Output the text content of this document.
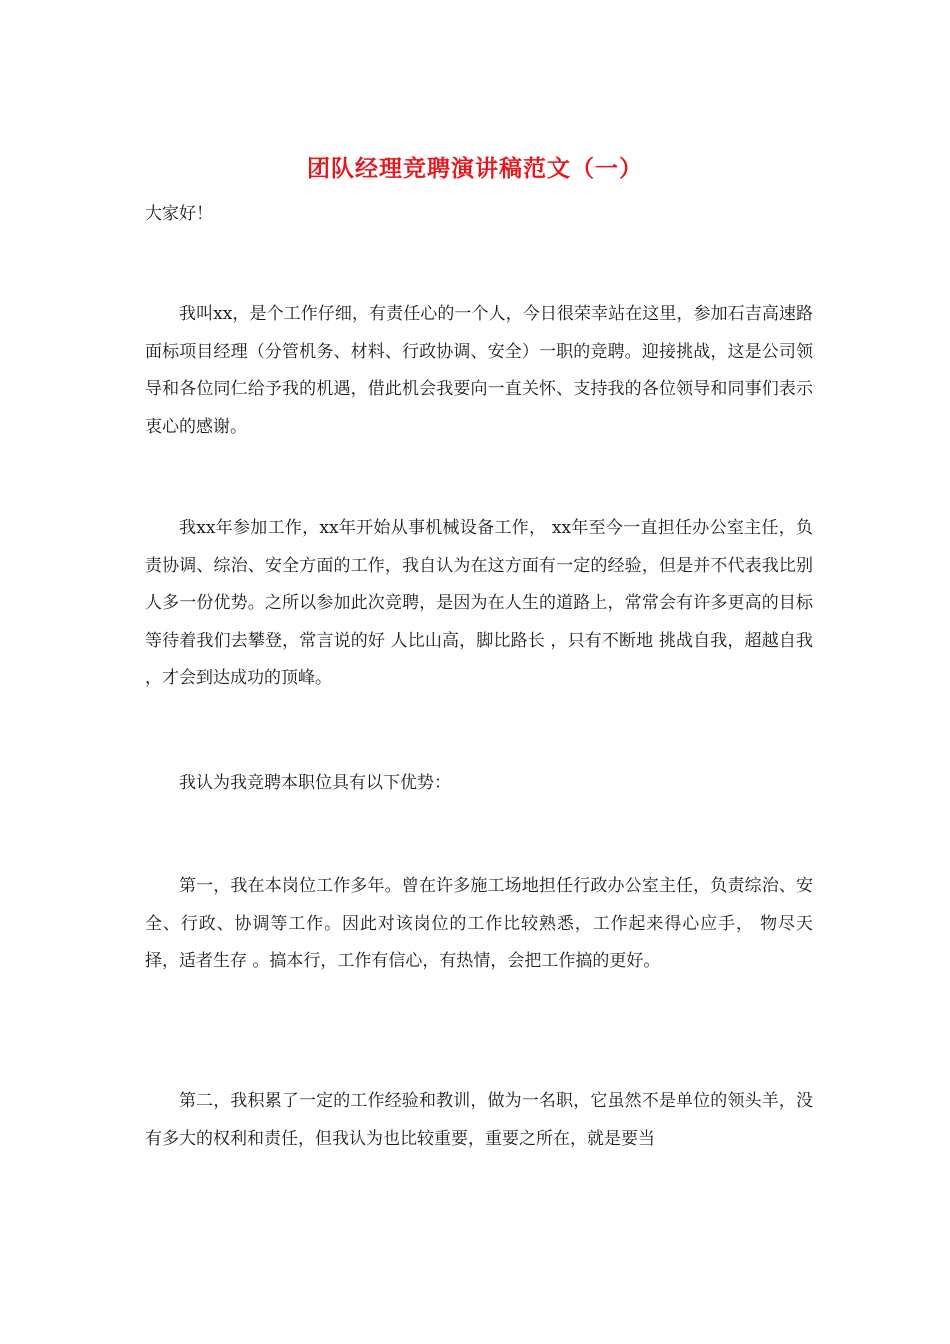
团队经理竞聘演讲稿范文（一）

大家好！

我叫xx，是个工作仔细，有责任心的一个人，今日很荣幸站在这里，参加石吉高速路面标项目经理（分管机务、材料、行政协调、安全）一职的竞聘。迎接挑战，这是公司领导和各位同仁给予我的机遇，借此机会我要向一直关怀、支持我的各位领导和同事们表示衷心的感谢。

我xx年参加工作，xx年开始从事机械设备工作， xx年至今一直担任办公室主任，负责协调、综治、安全方面的工作，我自认为在这方面有一定的经验，但是并不代表我比别人多一份优势。之所以参加此次竞聘，是因为在人生的道路上，常常会有许多更高的目标等待着我们去攀登，常言说的好 人比山高，脚比路长 ，只有不断地 挑战自我，超越自我 ，才会到达成功的顶峰。

我认为我竞聘本职位具有以下优势：

第一，我在本岗位工作多年。曾在许多施工场地担任行政办公室主任，负责综治、安全、行政、协调等工作。因此对该岗位的工作比较熟悉，工作起来得心应手， 物尽天择，适者生存 。搞本行，工作有信心，有热情，会把工作搞的更好。

第二，我积累了一定的工作经验和教训，做为一名职，它虽然不是单位的领头羊，没有多大的权利和责任，但我认为也比较重要，重要之所在，就是要当
